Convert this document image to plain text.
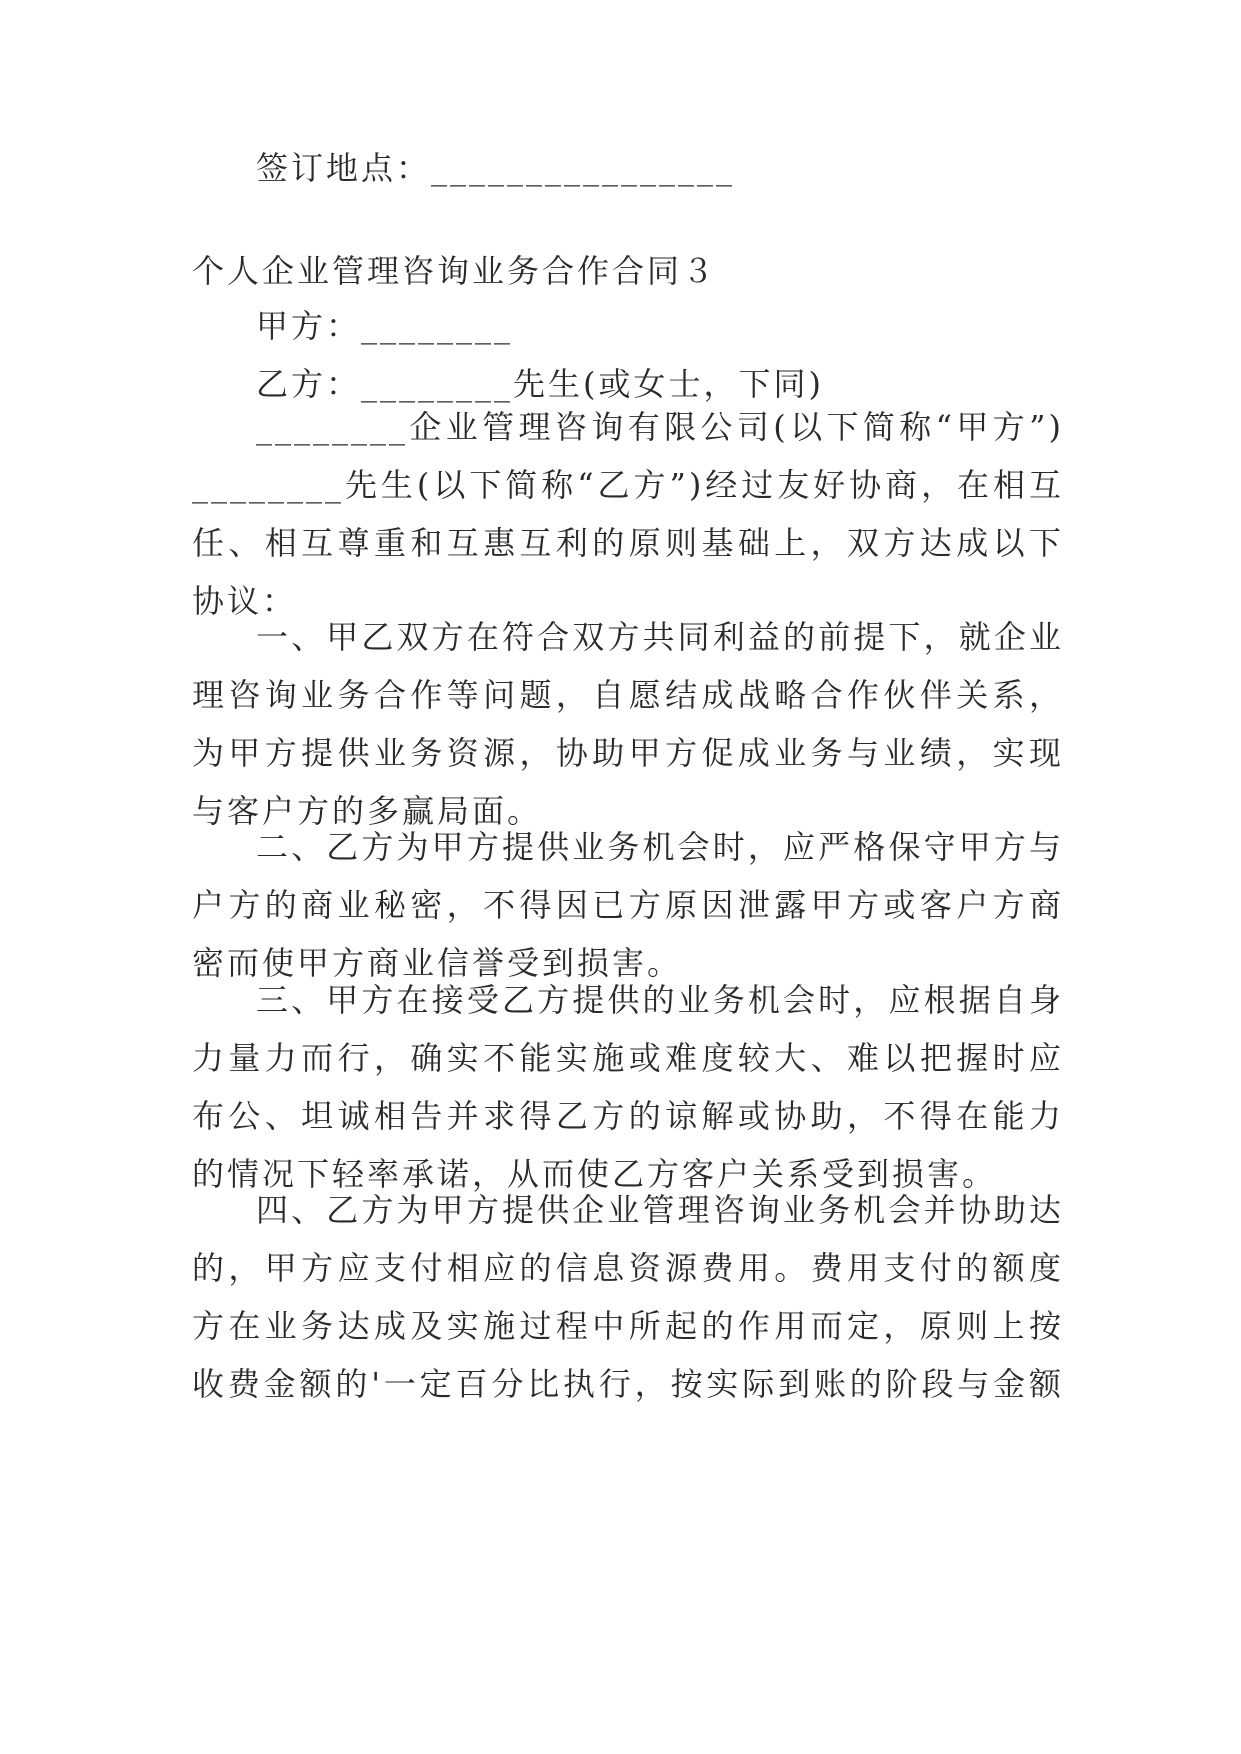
签订地点：________________
个人企业管理咨询业务合作合同３
甲方：________
乙方：________先生(或女士，下同)
________企业管理咨询有限公司(以下简称“甲方”)
________先生(以下简称“乙方”)经过友好协商，在相互
任、相互尊重和互惠互利的原则基础上，双方达成以下
协议：
一、甲乙双方在符合双方共同利益的前提下，就企业
理咨询业务合作等问题，自愿结成战略合作伙伴关系，
为甲方提供业务资源，协助甲方促成业务与业绩，实现
与客户方的多赢局面。
二、乙方为甲方提供业务机会时，应严格保守甲方与
户方的商业秘密，不得因已方原因泄露甲方或客户方商
密而使甲方商业信誉受到损害。
三、甲方在接受乙方提供的业务机会时，应根据自身
力量力而行，确实不能实施或难度较大、难以把握时应
布公、坦诚相告并求得乙方的谅解或协助，不得在能力
的情况下轻率承诺，从而使乙方客户关系受到损害。
四、乙方为甲方提供企业管理咨询业务机会并协助达
的，甲方应支付相应的信息资源费用。费用支付的额度
方在业务达成及实施过程中所起的作用而定，原则上按
收费金额的'一定百分比执行，按实际到账的阶段与金额
